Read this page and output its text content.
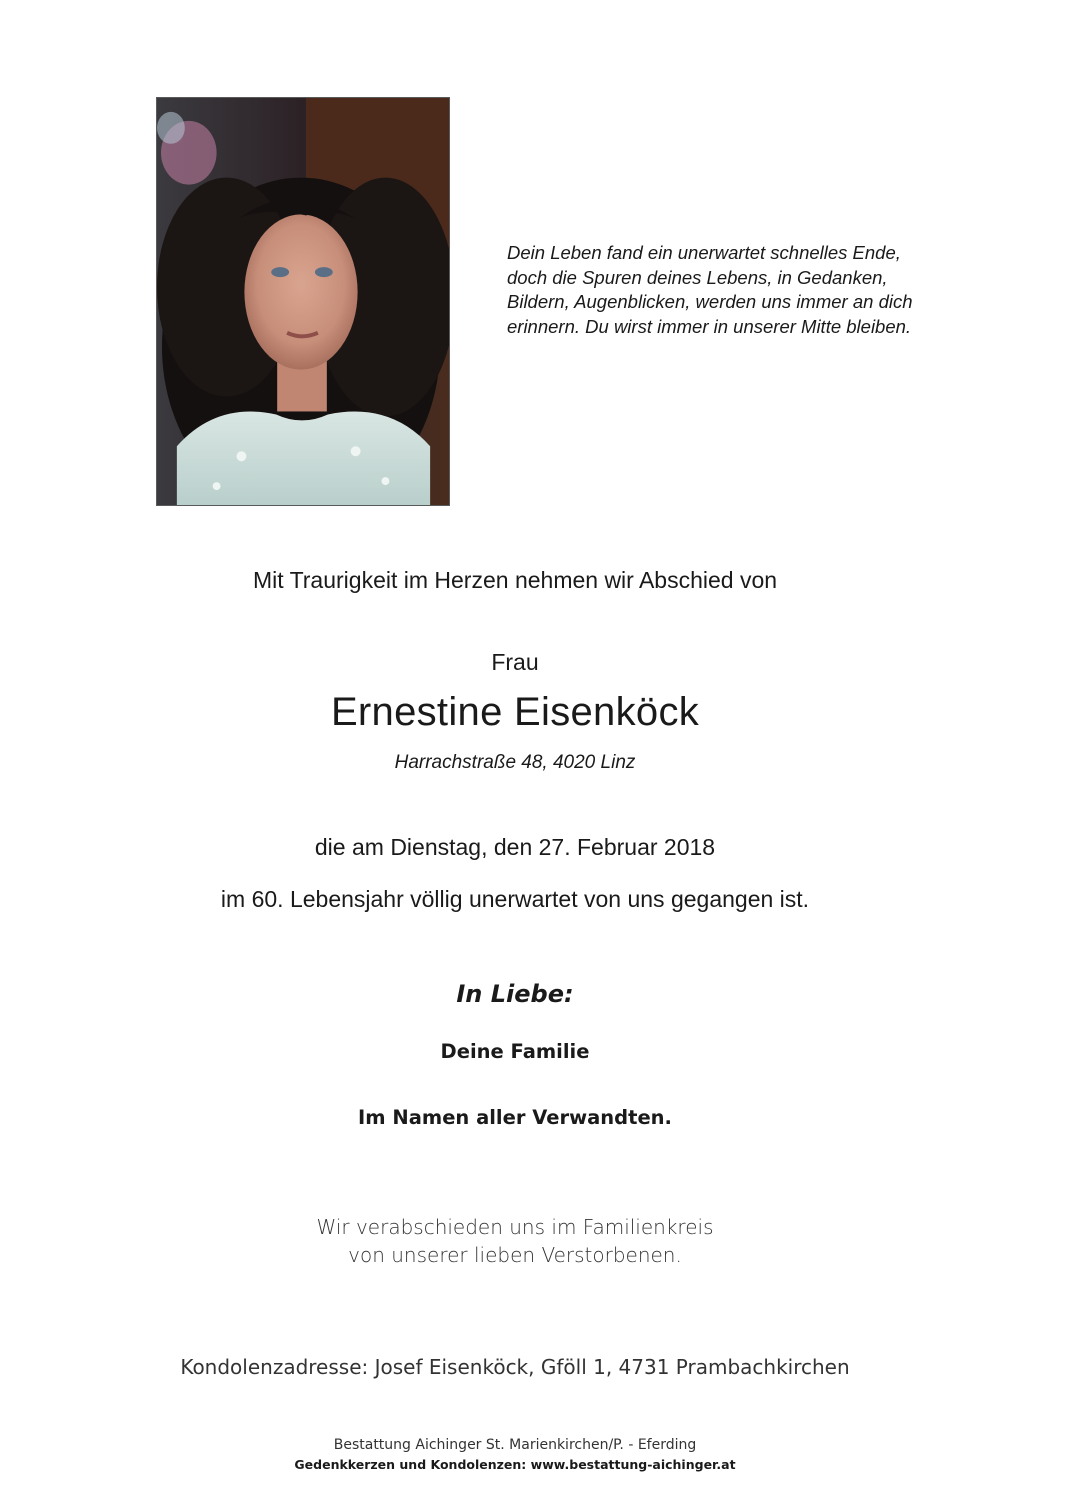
Dein Leben fand ein unerwartet schnelles Ende,
doch die Spuren deines Lebens, in Gedanken,
Bildern, Augenblicken, werden uns immer an dich
erinnern. Du wirst immer in unserer Mitte bleiben.
Mit Traurigkeit im Herzen nehmen wir Abschied von
Frau
Ernestine Eisenköck
Harrachstraße 48, 4020 Linz
die am Dienstag, den 27. Februar 2018
im 60. Lebensjahr völlig unerwartet von uns gegangen ist.
In Liebe:
Deine Familie
Im Namen aller Verwandten.
Wir verabschieden uns im Familienkreis
von unserer lieben Verstorbenen.
Kondolenzadresse: Josef Eisenköck, Gföll 1, 4731 Prambachkirchen
Bestattung Aichinger St. Marienkirchen/P. - Eferding
Gedenkkerzen und Kondolenzen: www.bestattung-aichinger.at
